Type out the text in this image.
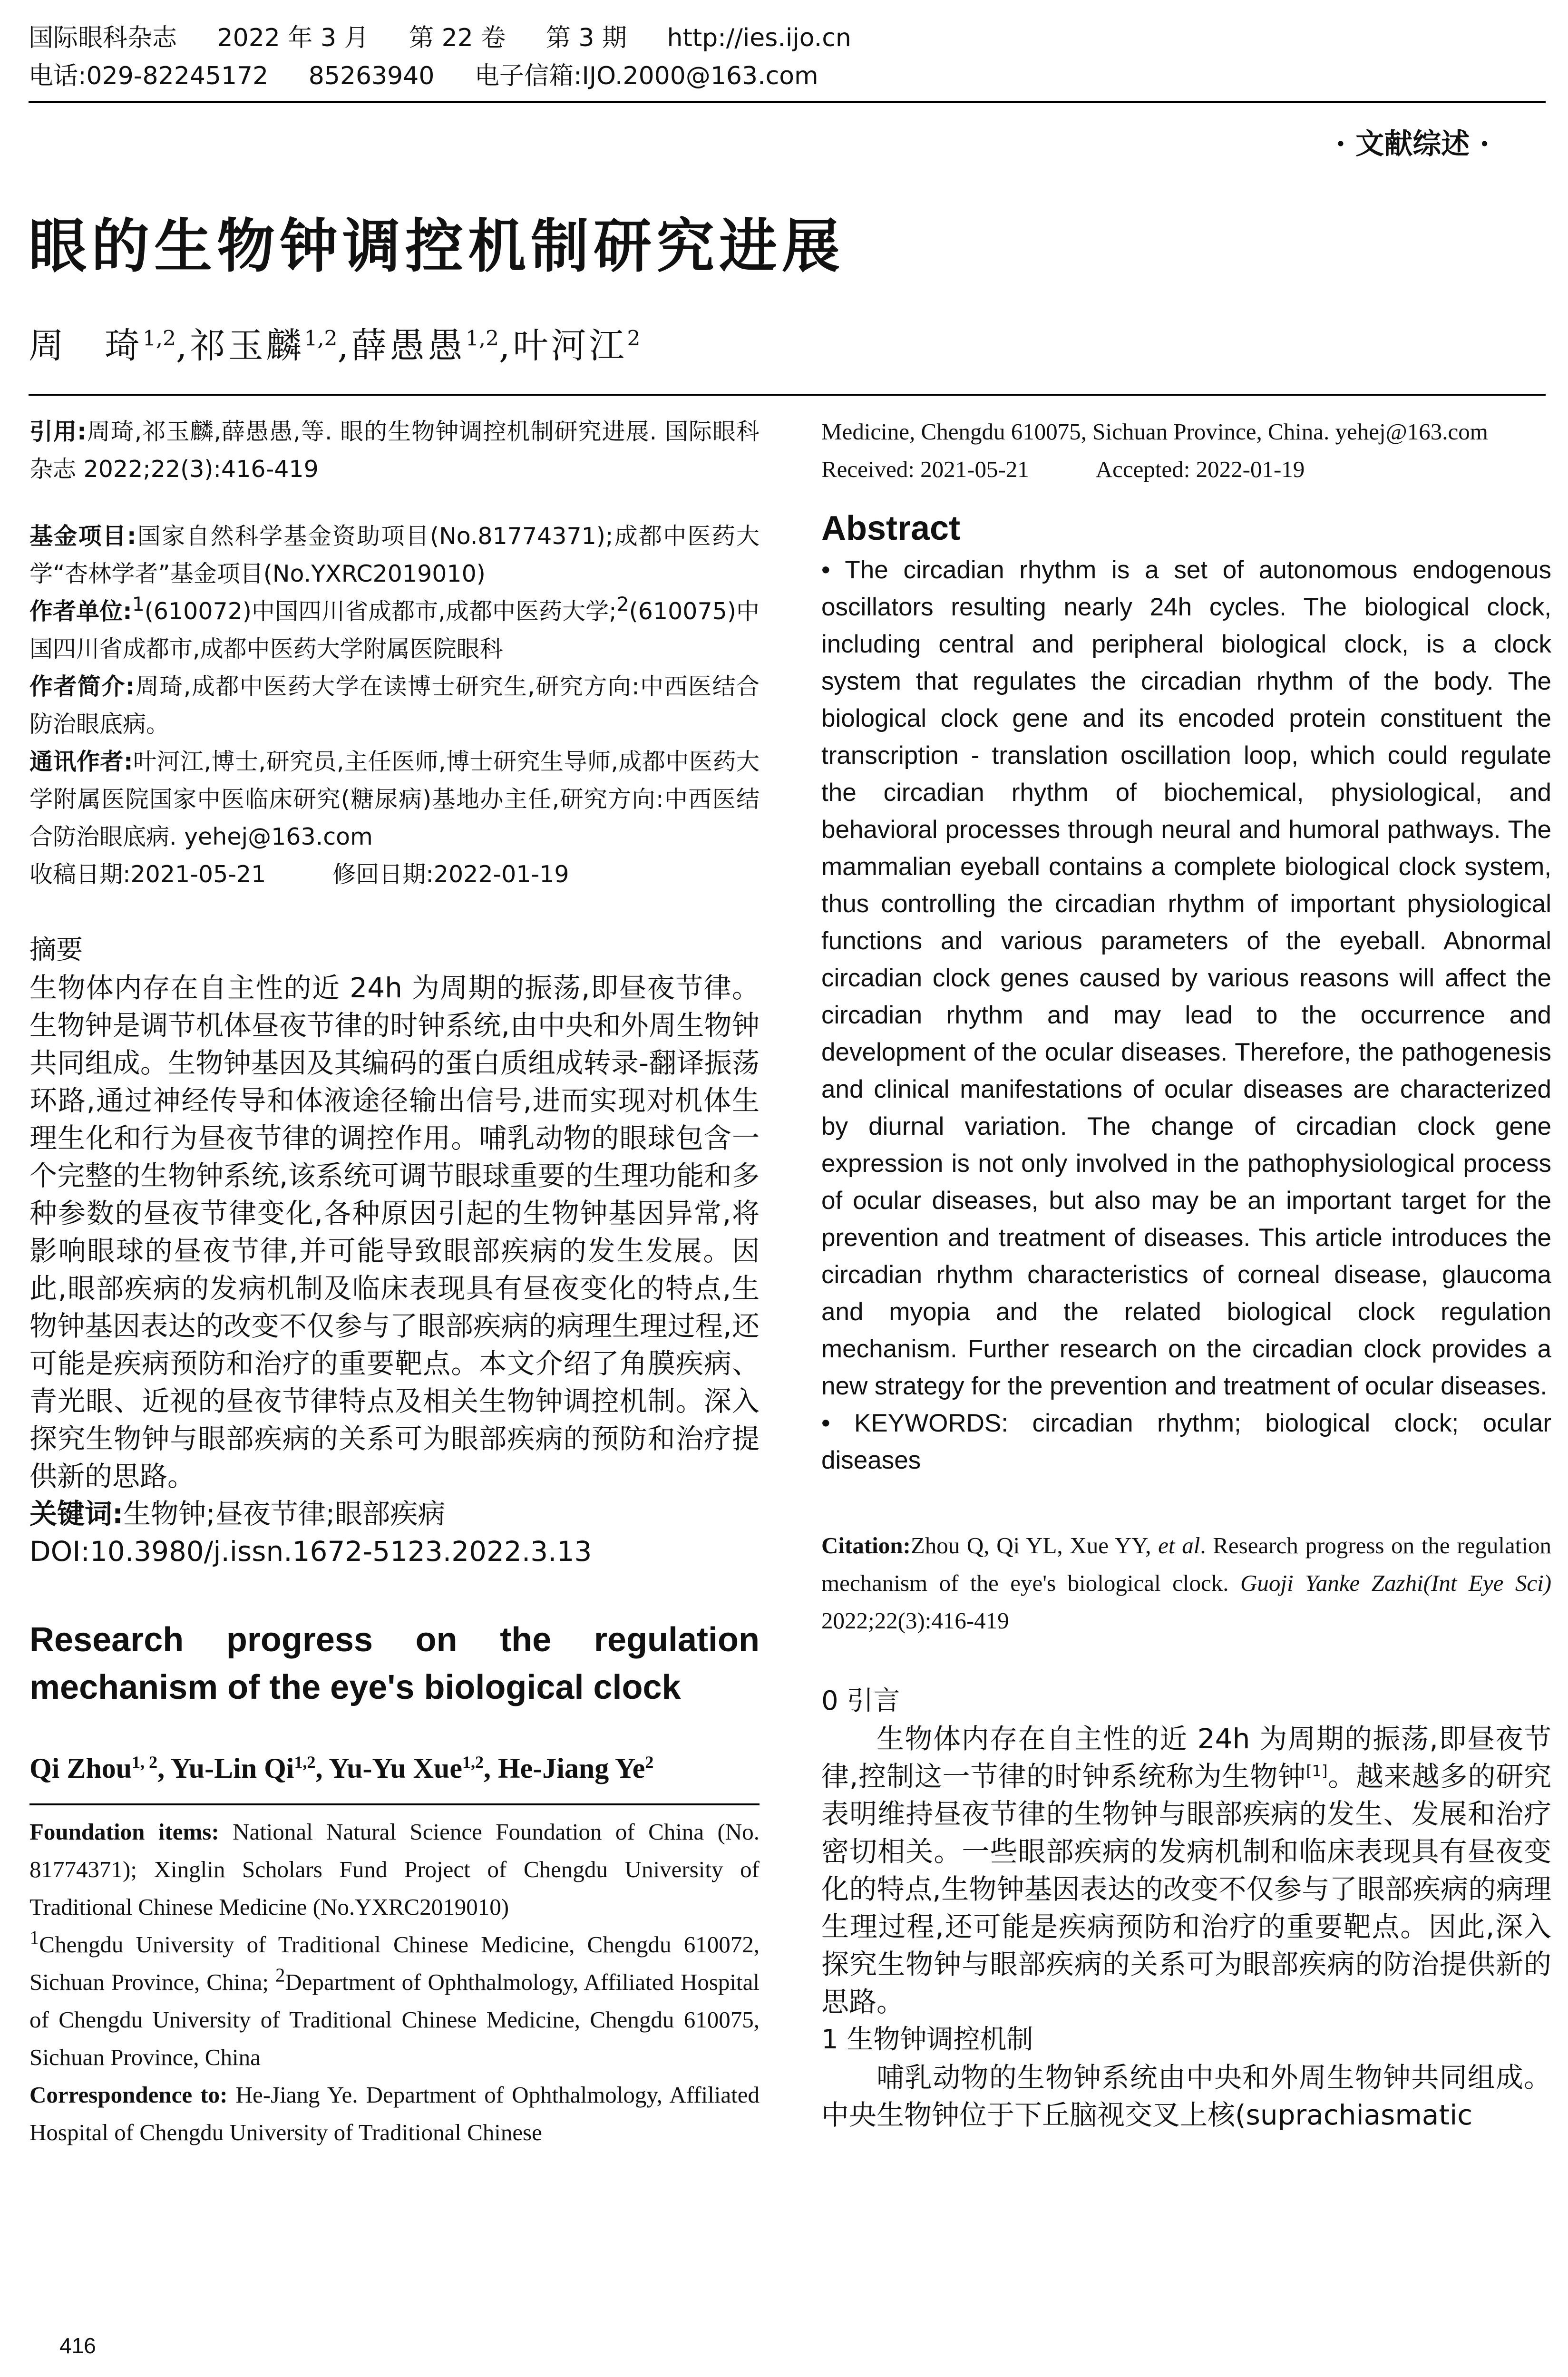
国际眼科杂志 2022 年 3 月 第 22 卷 第 3 期 http://ies.ijo.cn
电话:029-82245172 85263940 电子信箱:IJO.2000@163.com
· 文献综述 ·
眼的生物钟调控机制研究进展
周　琦$^{1,2}$,祁玉麟$^{1,2}$,薛愚愚$^{1,2}$,叶河江$^2$

引用:周琦,祁玉麟,薛愚愚,等. 眼的生物钟调控机制研究进展. 国际眼科杂志 2022;22(3):416-419

基金项目:国家自然科学基金资助项目(No.81774371);成都中医药大学“杏林学者”基金项目(No.YXRC2019010)

作者单位:$^1$(610072)中国四川省成都市,成都中医药大学;$^2$(610075)中国四川省成都市,成都中医药大学附属医院眼科

作者简介:周琦,成都中医药大学在读博士研究生,研究方向:中西医结合防治眼底病。

通讯作者:叶河江,博士,研究员,主任医师,博士研究生导师,成都中医药大学附属医院国家中医临床研究(糖尿病)基地办主任,研究方向:中西医结合防治眼底病. yehej@163.com

收稿日期:2021-05-21	修回日期:2022-01-19

摘要

生物体内存在自主性的近 24h 为周期的振荡,即昼夜节律。生物钟是调节机体昼夜节律的时钟系统,由中央和外周生物钟共同组成。生物钟基因及其编码的蛋白质组成转录-翻译振荡环路,通过神经传导和体液途径输出信号,进而实现对机体生理生化和行为昼夜节律的调控作用。哺乳动物的眼球包含一个完整的生物钟系统,该系统可调节眼球重要的生理功能和多种参数的昼夜节律变化,各种原因引起的生物钟基因异常,将影响眼球的昼夜节律,并可能导致眼部疾病的发生发展。因此,眼部疾病的发病机制及临床表现具有昼夜变化的特点,生物钟基因表达的改变不仅参与了眼部疾病的病理生理过程,还可能是疾病预防和治疗的重要靶点。本文介绍了角膜疾病、青光眼、近视的昼夜节律特点及相关生物钟调控机制。深入探究生物钟与眼部疾病的关系可为眼部疾病的预防和治疗提供新的思路。

关键词:生物钟;昼夜节律;眼部疾病

DOI:10.3980/j.issn.1672-5123.2022.3.13

Research progress on the regulation mechanism of the eye's biological clock

Qi Zhou$^{1, 2}$, Yu-Lin Qi$^{1,2}$, Yu-Yu Xue$^{1,2}$, He-Jiang Ye$^2$

Foundation items: National Natural Science Foundation of China (No. 81774371); Xinglin Scholars Fund Project of Chengdu University of Traditional Chinese Medicine (No.YXRC2019010)

$^1$Chengdu University of Traditional Chinese Medicine, Chengdu 610072, Sichuan Province, China; $^2$Department of Ophthalmology, Affiliated Hospital of Chengdu University of Traditional Chinese Medicine, Chengdu 610075, Sichuan Province, China

Correspondence to: He-Jiang Ye. Department of Ophthalmology, Affiliated Hospital of Chengdu University of Traditional Chinese

Medicine, Chengdu 610075, Sichuan Province, China. yehej@163.com

Received: 2021-05-21	Accepted: 2022-01-19

Abstract

• The circadian rhythm is a set of autonomous endogenous oscillators resulting nearly 24h cycles. The biological clock, including central and peripheral biological clock, is a clock system that regulates the circadian rhythm of the body. The biological clock gene and its encoded protein constituent the transcription - translation oscillation loop, which could regulate the circadian rhythm of biochemical, physiological, and behavioral processes through neural and humoral pathways. The mammalian eyeball contains a complete biological clock system, thus controlling the circadian rhythm of important physiological functions and various parameters of the eyeball. Abnormal circadian clock genes caused by various reasons will affect the circadian rhythm and may lead to the occurrence and development of the ocular diseases. Therefore, the pathogenesis and clinical manifestations of ocular diseases are characterized by diurnal variation. The change of circadian clock gene expression is not only involved in the pathophysiological process of ocular diseases, but also may be an important target for the prevention and treatment of diseases. This article introduces the circadian rhythm characteristics of corneal disease, glaucoma and myopia and the related biological clock regulation mechanism. Further research on the circadian clock provides a new strategy for the prevention and treatment of ocular diseases.

• KEYWORDS: circadian rhythm; biological clock; ocular diseases

Citation:Zhou Q, Qi YL, Xue YY, et al. Research progress on the regulation mechanism of the eye's biological clock. Guoji Yanke Zazhi(Int Eye Sci) 2022;22(3):416-419

0 引言

生物体内存在自主性的近 24h 为周期的振荡,即昼夜节律,控制这一节律的时钟系统称为生物钟[1]。越来越多的研究表明维持昼夜节律的生物钟与眼部疾病的发生、发展和治疗密切相关。一些眼部疾病的发病机制和临床表现具有昼夜变化的特点,生物钟基因表达的改变不仅参与了眼部疾病的病理生理过程,还可能是疾病预防和治疗的重要靶点。因此,深入探究生物钟与眼部疾病的关系可为眼部疾病的防治提供新的思路。

1 生物钟调控机制

哺乳动物的生物钟系统由中央和外周生物钟共同组成。中央生物钟位于下丘脑视交叉上核(suprachiasmatic

416
